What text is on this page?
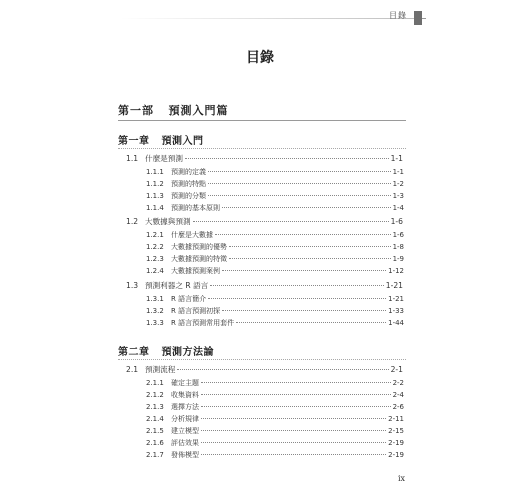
目錄
目錄
第一部 預測入門篇
第一章 預測入門
1.1 什麼是預測	1-1
1.1.1	預測的定義	1-1
1.1.2	預測的特點	1-2
1.1.3	預測的分類	1-3
1.1.4	預測的基本原則	1-4
1.2 大數據與預測	1-6
1.2.1	什麼是大數據	1-6
1.2.2	大數據預測的優勢	1-8
1.2.3	大數據預測的特徵	1-9
1.2.4	大數據預測案例	1-12
1.3 預測利器之 R 語言	1-21
1.3.1	R 語言簡介	1-21
1.3.2	R 語言預測初探	1-33
1.3.3	R 語言預測常用套件	1-44
第二章 預測方法論
2.1 預測流程	2-1
2.1.1	確定主題	2-2
2.1.2	收集資料	2-4
2.1.3	選擇方法	2-6
2.1.4	分析規律	2-11
2.1.5	建立模型	2-15
2.1.6	評估效果	2-19
2.1.7	發佈模型	2-19
ix
